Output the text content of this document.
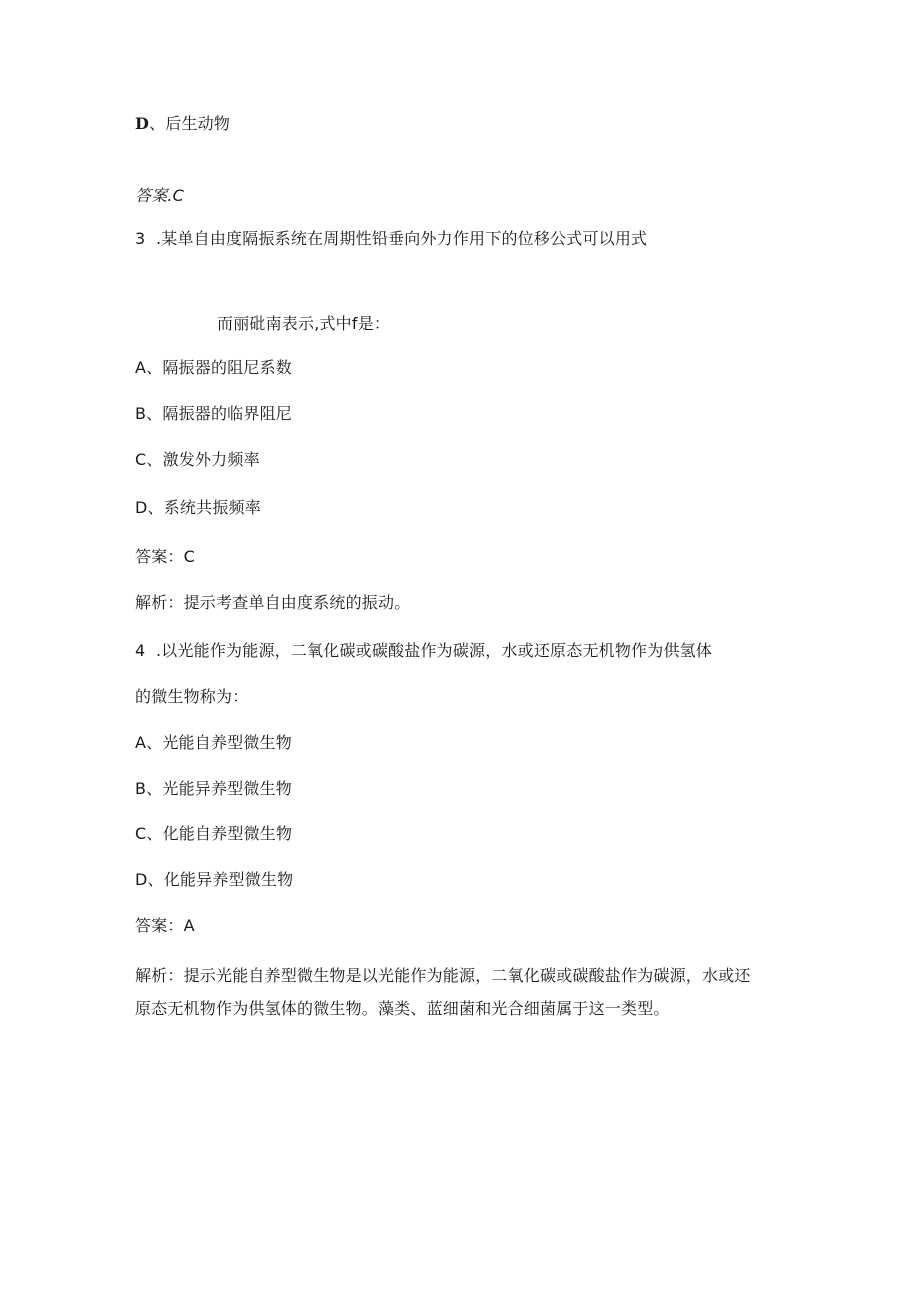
D、后生动物
答案.C
3  .某单自由度隔振系统在周期性铅垂向外力作用下的位移公式可以用式
而丽砒南表示,式中f是：
A、隔振器的阻尼系数
B、隔振器的临界阻尼
C、激发外力频率
D、系统共振频率
答案：C
解析：提示考查单自由度系统的振动。
4  .以光能作为能源，二氧化碳或碳酸盐作为碳源，水或还原态无机物作为供氢体
的微生物称为：
A、光能自养型微生物
B、光能异养型微生物
C、化能自养型微生物
D、化能异养型微生物
答案：A
解析：提示光能自养型微生物是以光能作为能源，二氧化碳或碳酸盐作为碳源，水或还
原态无机物作为供氢体的微生物。藻类、蓝细菌和光合细菌属于这一类型。
